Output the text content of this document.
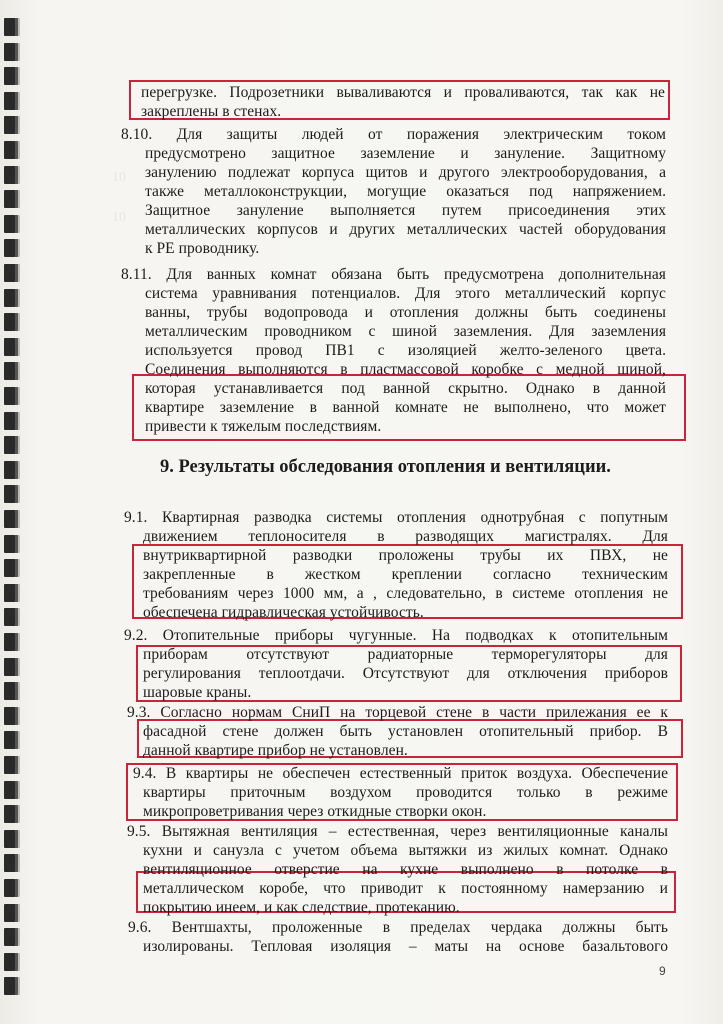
10
10
перегрузке. Подрозетники вываливаются и проваливаются, так как не
закреплены в стенах.
8.10. Для защиты людей от поражения электрическим током
предусмотрено защитное заземление и зануление. Защитному
занулению подлежат корпуса щитов и другого электрооборудования, а
также металлоконструкции, могущие оказаться под напряжением.
Защитное зануление выполняется путем присоединения этих
металлических корпусов и других металлических частей оборудования
к PE проводнику.
8.11. Для ванных комнат обязана быть предусмотрена дополнительная
система уравнивания потенциалов. Для этого металлический корпус
ванны, трубы водопровода и отопления должны быть соединены
металлическим проводником с шиной заземления. Для заземления
используется провод ПВ1 с изоляцией желто-зеленого цвета.
Соединения выполняются в пластмассовой коробке с медной шиной,
которая устанавливается под ванной скрытно. Однако в данной
квартире заземление в ванной комнате не выполнено, что может
привести к тяжелым последствиям.
9. Результаты обследования отопления и вентиляции.
9.1. Квартирная разводка системы отопления однотрубная с попутным
движением теплоносителя в разводящих магистралях. Для
внутриквартирной разводки проложены трубы их ПВХ, не
закрепленные в жестком креплении согласно техническим
требованиям через 1000 мм, а , следовательно, в системе отопления не
обеспечена гидравлическая устойчивость.
9.2. Отопительные приборы чугунные. На подводках к отопительным
приборам отсутствуют радиаторные терморегуляторы для
регулирования теплоотдачи. Отсутствуют для отключения приборов
шаровые краны.
9.3. Согласно нормам СниП на торцевой стене в части прилежания ее к
фасадной стене должен быть установлен отопительный прибор. В
данной квартире прибор не установлен.
9.4. В квартиры не обеспечен естественный приток воздуха. Обеспечение
квартиры приточным воздухом проводится только в режиме
микропроветривания через откидные створки окон.
9.5. Вытяжная вентиляция – естественная, через вентиляционные каналы
кухни и санузла с учетом объема вытяжки из жилых комнат. Однако
вентиляционное отверстие на кухне выполнено в потолке в
металлическом коробе, что приводит к постоянному намерзанию и
покрытию инеем, и как следствие, протеканию.
9.6. Вентшахты, проложенные в пределах чердака должны быть
изолированы. Тепловая изоляция – маты на основе базальтового
9
